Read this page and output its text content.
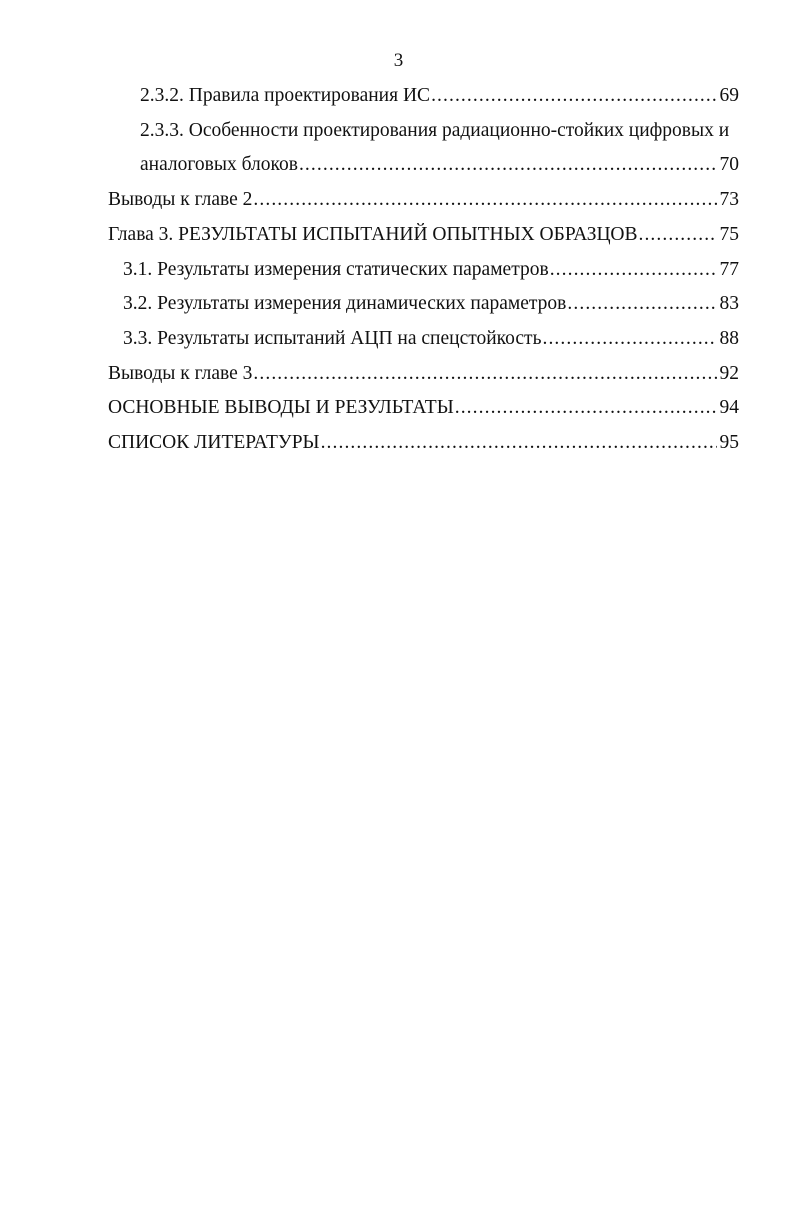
3
2.3.2. Правила проектирования ИС .....	69
2.3.3. Особенности проектирования радиационно-стойких цифровых и
аналоговых блоков .....	70
Выводы к главе 2 .....	73
Глава 3. РЕЗУЛЬТАТЫ ИСПЫТАНИЙ ОПЫТНЫХ ОБРАЗЦОВ .....	75
3.1. Результаты измерения статических параметров .....	77
3.2. Результаты измерения динамических параметров .....	83
3.3. Результаты испытаний АЦП на спецстойкость .....	88
Выводы к главе 3 .....	92
ОСНОВНЫЕ ВЫВОДЫ И РЕЗУЛЬТАТЫ .....	94
СПИСОК ЛИТЕРАТУРЫ .....	95
